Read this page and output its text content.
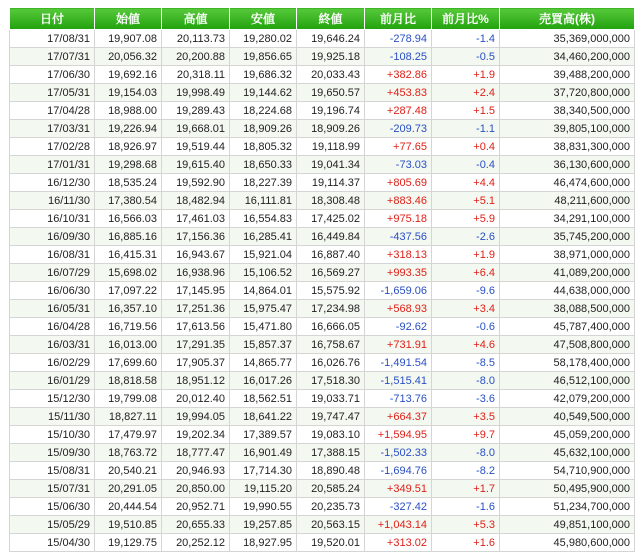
日付	始値	高値	安値	終値	前月比	前月比%	売買高(株)
17/08/31	19,907.08	20,113.73	19,280.02	19,646.24	-278.94	-1.4	35,369,000,000
17/07/31	20,056.32	20,200.88	19,856.65	19,925.18	-108.25	-0.5	34,460,200,000
17/06/30	19,692.16	20,318.11	19,686.32	20,033.43	+382.86	+1.9	39,488,200,000
17/05/31	19,154.03	19,998.49	19,144.62	19,650.57	+453.83	+2.4	37,720,800,000
17/04/28	18,988.00	19,289.43	18,224.68	19,196.74	+287.48	+1.5	38,340,500,000
17/03/31	19,226.94	19,668.01	18,909.26	18,909.26	-209.73	-1.1	39,805,100,000
17/02/28	18,926.97	19,519.44	18,805.32	19,118.99	+77.65	+0.4	38,831,300,000
17/01/31	19,298.68	19,615.40	18,650.33	19,041.34	-73.03	-0.4	36,130,600,000
16/12/30	18,535.24	19,592.90	18,227.39	19,114.37	+805.69	+4.4	46,474,600,000
16/11/30	17,380.54	18,482.94	16,111.81	18,308.48	+883.46	+5.1	48,211,600,000
16/10/31	16,566.03	17,461.03	16,554.83	17,425.02	+975.18	+5.9	34,291,100,000
16/09/30	16,885.16	17,156.36	16,285.41	16,449.84	-437.56	-2.6	35,745,200,000
16/08/31	16,415.31	16,943.67	15,921.04	16,887.40	+318.13	+1.9	38,971,000,000
16/07/29	15,698.02	16,938.96	15,106.52	16,569.27	+993.35	+6.4	41,089,200,000
16/06/30	17,097.22	17,145.95	14,864.01	15,575.92	-1,659.06	-9.6	44,638,000,000
16/05/31	16,357.10	17,251.36	15,975.47	17,234.98	+568.93	+3.4	38,088,500,000
16/04/28	16,719.56	17,613.56	15,471.80	16,666.05	-92.62	-0.6	45,787,400,000
16/03/31	16,013.00	17,291.35	15,857.37	16,758.67	+731.91	+4.6	47,508,800,000
16/02/29	17,699.60	17,905.37	14,865.77	16,026.76	-1,491.54	-8.5	58,178,400,000
16/01/29	18,818.58	18,951.12	16,017.26	17,518.30	-1,515.41	-8.0	46,512,100,000
15/12/30	19,799.08	20,012.40	18,562.51	19,033.71	-713.76	-3.6	42,079,200,000
15/11/30	18,827.11	19,994.05	18,641.22	19,747.47	+664.37	+3.5	40,549,500,000
15/10/30	17,479.97	19,202.34	17,389.57	19,083.10	+1,594.95	+9.7	45,059,200,000
15/09/30	18,763.72	18,777.47	16,901.49	17,388.15	-1,502.33	-8.0	45,632,100,000
15/08/31	20,540.21	20,946.93	17,714.30	18,890.48	-1,694.76	-8.2	54,710,900,000
15/07/31	20,291.05	20,850.00	19,115.20	20,585.24	+349.51	+1.7	50,495,900,000
15/06/30	20,444.54	20,952.71	19,990.55	20,235.73	-327.42	-1.6	51,234,700,000
15/05/29	19,510.85	20,655.33	19,257.85	20,563.15	+1,043.14	+5.3	49,851,100,000
15/04/30	19,129.75	20,252.12	18,927.95	19,520.01	+313.02	+1.6	45,980,600,000
